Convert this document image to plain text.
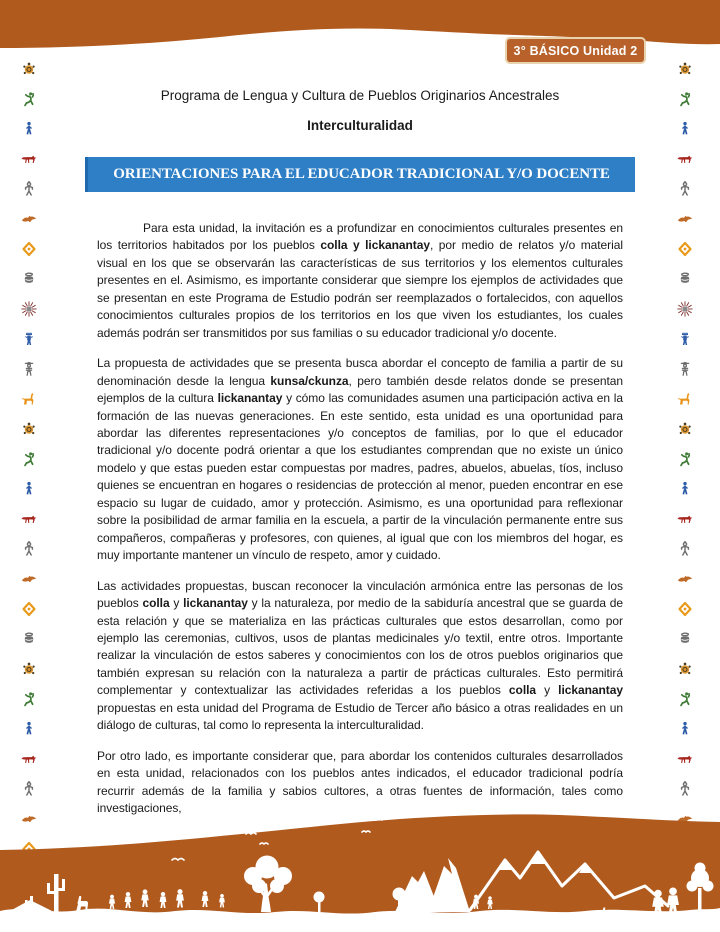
3° BÁSICO Unidad 2
Programa de Lengua y Cultura de Pueblos Originarios Ancestrales
Interculturalidad
ORIENTACIONES PARA EL EDUCADOR TRADICIONAL Y/O DOCENTE

Para esta unidad, la invitación es a profundizar en conocimientos culturales presentes en los territorios habitados por los pueblos colla y lickanantay, por medio de relatos y/o material visual en los que se observarán las características de sus territorios y los elementos culturales presentes en el. Asimismo, es importante considerar que siempre los ejemplos de actividades que se presentan en este Programa de Estudio podrán ser reemplazados o fortalecidos, con aquellos conocimientos culturales propios de los territorios en los que viven los estudiantes, los cuales además podrán ser transmitidos por sus familias o su educador tradicional y/o docente.

La propuesta de actividades que se presenta busca abordar el concepto de familia a partir de su denominación desde la lengua kunsa/ckunza, pero también desde relatos donde se presentan ejemplos de la cultura lickanantay y cómo las comunidades asumen una participación activa en la formación de las nuevas generaciones. En este sentido, esta unidad es una oportunidad para abordar las diferentes representaciones y/o conceptos de familias, por lo que el educador tradicional y/o docente podrá orientar a que los estudiantes comprendan que no existe un único modelo y que estas pueden estar compuestas por madres, padres, abuelos, abuelas, tíos, incluso quienes se encuentran en hogares o residencias de protección al menor, pueden encontrar en ese espacio su lugar de cuidado, amor y protección. Asimismo, es una oportunidad para reflexionar sobre la posibilidad de armar familia en la escuela, a partir de la vinculación permanente entre sus compañeros, compañeras y profesores, con quienes, al igual que con los miembros del hogar, es muy importante mantener un vínculo de respeto, amor y cuidado.

Las actividades propuestas, buscan reconocer la vinculación armónica entre las personas de los pueblos colla y lickanantay y la naturaleza, por medio de la sabiduría ancestral que se guarda de esta relación y que se materializa en las prácticas culturales que estos desarrollan, como por ejemplo las ceremonias, cultivos, usos de plantas medicinales y/o textil, entre otros. Importante realizar la vinculación de estos saberes y conocimientos con los de otros pueblos originarios que también expresan su relación con la naturaleza a partir de prácticas culturales. Esto permitirá complementar y contextualizar las actividades referidas a los pueblos colla y lickanantay propuestas en esta unidad del Programa de Estudio de Tercer año básico a otras realidades en un diálogo de culturas, tal como lo representa la interculturalidad.

Por otro lado, es importante considerar que, para abordar los contenidos culturales desarrollados en esta unidad, relacionados con los pueblos antes indicados, el educador tradicional podría recurrir además de la familia y sabios cultores, a otras fuentes de información, tales como investigaciones,
